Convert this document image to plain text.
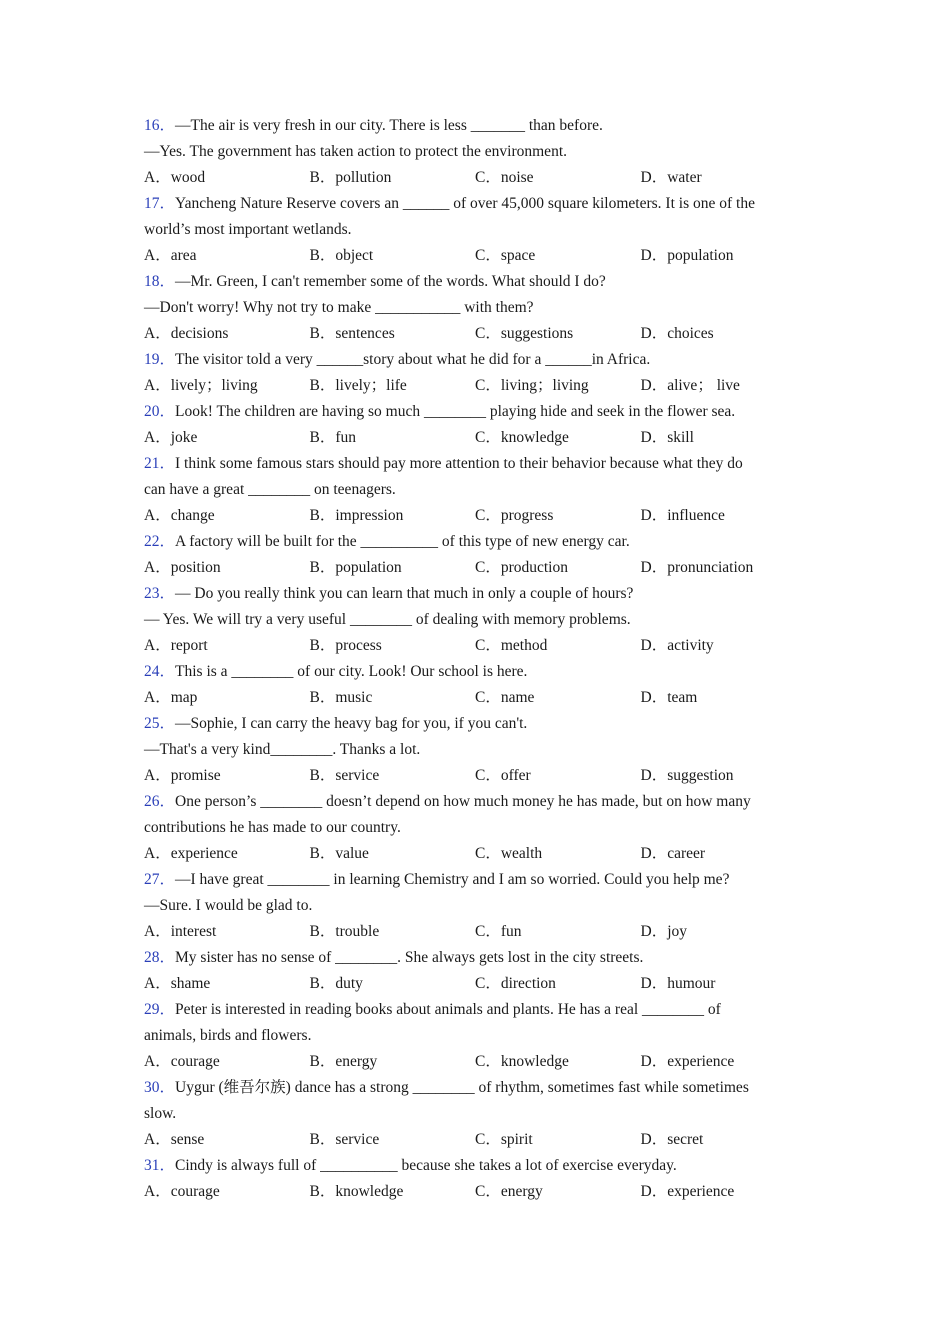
16．—The air is very fresh in our city. There is less _______ than before.
—Yes. The government has taken action to protect the environment.
A．wood	B．pollution	C．noise	D．water
17．Yancheng Nature Reserve covers an ______ of over 45,000 square kilometers. It is one of the
world’s most important wetlands.
A．area	B．object	C．space	D．population
18．—Mr. Green, I can't remember some of the words. What should I do?
—Don't worry! Why not try to make ___________ with them?
A．decisions	B．sentences	C．suggestions	D．choices
19．The visitor told a very ______story about what he did for a ______in Africa.
A．lively；living	B．lively；life	C．living；living	D．alive； live
20．Look! The children are having so much ________ playing hide and seek in the flower sea.
A．joke	B．fun	C．knowledge	D．skill
21．I think some famous stars should pay more attention to their behavior because what they do
can have a great ________ on teenagers.
A．change	B．impression	C．progress	D．influence
22．A factory will be built for the __________ of this type of new energy car.
A．position	B．population	C．production	D．pronunciation
23．— Do you really think you can learn that much in only a couple of hours?
— Yes. We will try a very useful ________ of dealing with memory problems.
A．report	B．process	C．method	D．activity
24．This is a ________ of our city. Look! Our school is here.
A．map	B．music	C．name	D．team
25．—Sophie, I can carry the heavy bag for you, if you can't.
—That's a very kind________. Thanks a lot.
A．promise	B．service	C．offer	D．suggestion
26．One person’s ________ doesn’t depend on how much money he has made, but on how many
contributions he has made to our country.
A．experience	B．value	C．wealth	D．career
27．—I have great ________ in learning Chemistry and I am so worried. Could you help me?
—Sure. I would be glad to.
A．interest	B．trouble	C．fun	D．joy
28．My sister has no sense of ________. She always gets lost in the city streets.
A．shame	B．duty	C．direction	D．humour
29．Peter is interested in reading books about animals and plants. He has a real ________ of
animals, birds and flowers.
A．courage	B．energy	C．knowledge	D．experience
30．Uygur (维吾尔族) dance has a strong ________ of rhythm, sometimes fast while sometimes
slow.
A．sense	B．service	C．spirit	D．secret
31．Cindy is always full of __________ because she takes a lot of exercise everyday.
A．courage	B．knowledge	C．energy	D．experience
